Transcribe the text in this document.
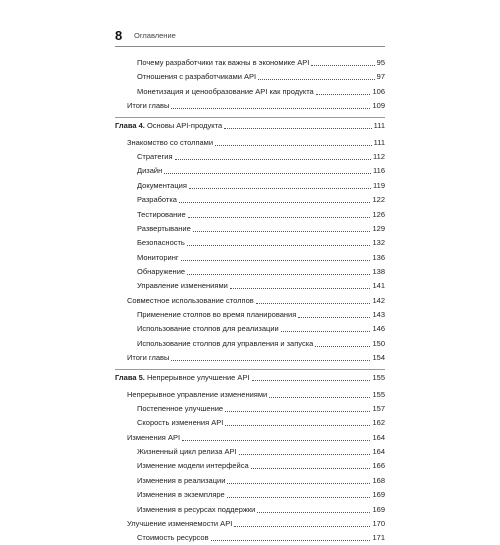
8 Оглавление
Почему разработчики так важны в экономике API	95
Отношения с разработчиками API	97
Монетизация и ценообразование API как продукта	106
Итоги главы	109
Глава 4. Основы API-продукта	111
Знакомство со столпами	111
Стратегия	112
Дизайн	116
Документация	119
Разработка	122
Тестирование	126
Развертывание	129
Безопасность	132
Мониторинг	136
Обнаружение	138
Управление изменениями	141
Совместное использование столпов	142
Применение столпов во время планирования	143
Использование столпов для реализации	146
Использование столпов для управления и запуска	150
Итоги главы	154
Глава 5. Непрерывное улучшение API	155
Непрерывное управление изменениями	155
Постепенное улучшение	157
Скорость изменения API	162
Изменения API	164
Жизненный цикл релиза API	164
Изменение модели интерфейса	166
Изменения в реализации	168
Изменения в экземпляре	169
Изменения в ресурсах поддержки	169
Улучшение изменяемости API	170
Стоимость ресурсов	171
